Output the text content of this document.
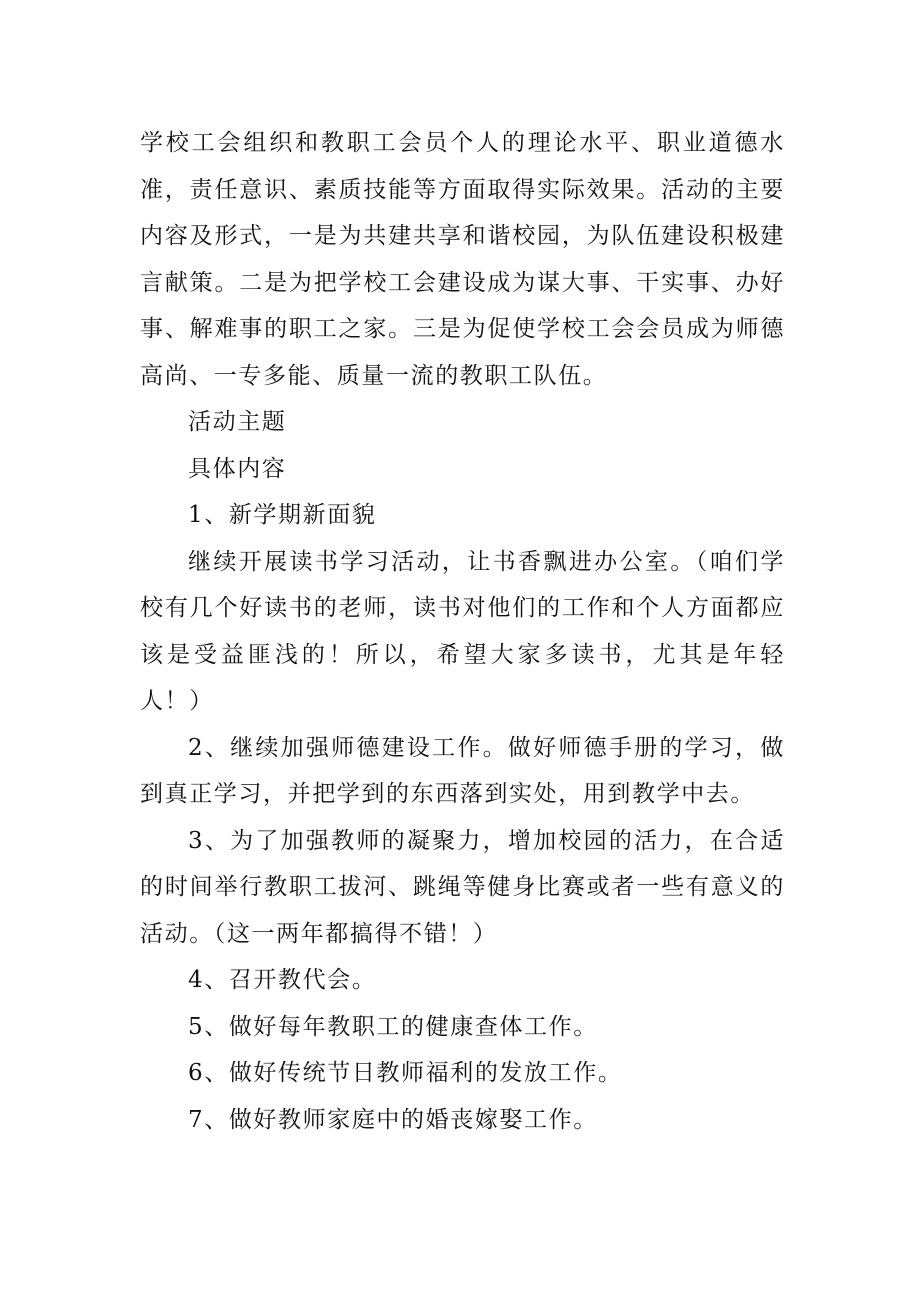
学校工会组织和教职工会员个人的理论水平、职业道德水准，责任意识、素质技能等方面取得实际效果。活动的主要内容及形式，一是为共建共享和谐校园，为队伍建设积极建言献策。二是为把学校工会建设成为谋大事、干实事、办好事、解难事的职工之家。三是为促使学校工会会员成为师德高尚、一专多能、质量一流的教职工队伍。

活动主题

具体内容

1、新学期新面貌

继续开展读书学习活动，让书香飘进办公室。（咱们学校有几个好读书的老师，读书对他们的工作和个人方面都应该是受益匪浅的！所以，希望大家多读书，尤其是年轻人！）

2、继续加强师德建设工作。做好师德手册的学习，做到真正学习，并把学到的东西落到实处，用到教学中去。

3、为了加强教师的凝聚力，增加校园的活力，在合适的时间举行教职工拔河、跳绳等健身比赛或者一些有意义的活动。（这一两年都搞得不错！）

4、召开教代会。

5、做好每年教职工的健康查体工作。

6、做好传统节日教师福利的发放工作。

7、做好教师家庭中的婚丧嫁娶工作。
